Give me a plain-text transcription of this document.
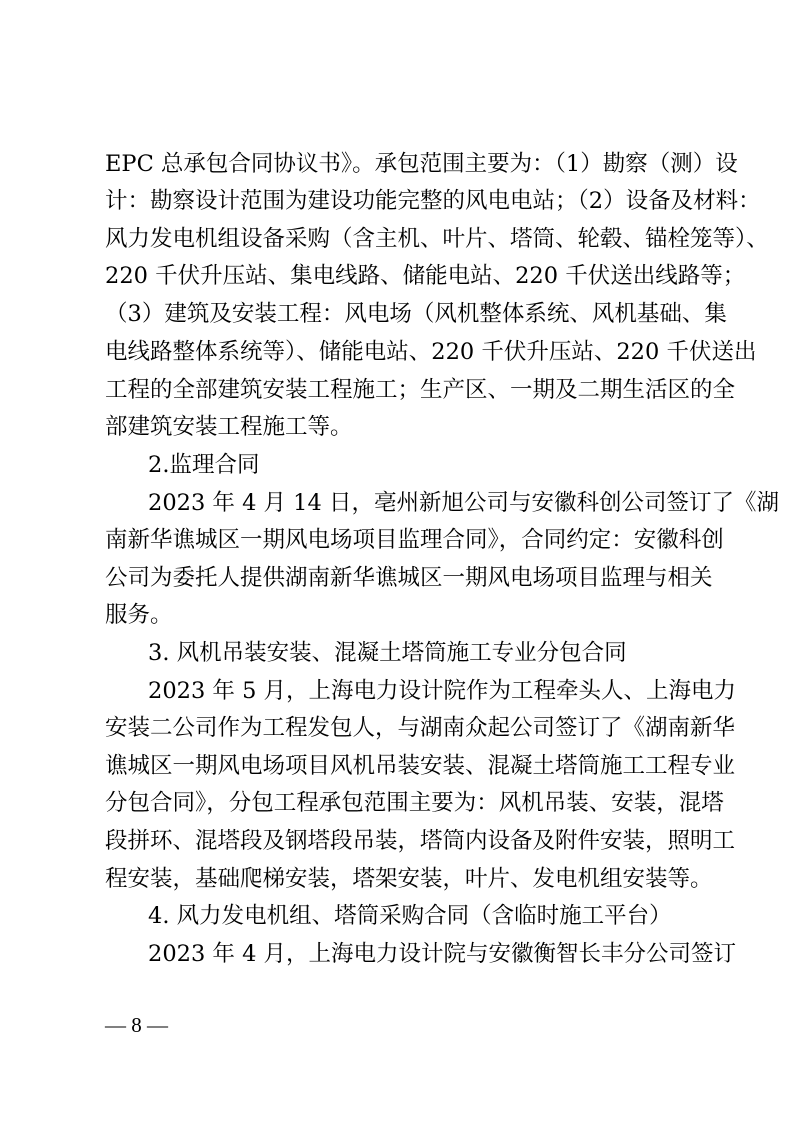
EPC 总承包合同协议书》。承包范围主要为：（1）勘察（测）设
计：勘察设计范围为建设功能完整的风电电站；（2）设备及材料：
风力发电机组设备采购（含主机、叶片、塔筒、轮毂、锚栓笼等）、
220 千伏升压站、集电线路、储能电站、220 千伏送出线路等；
（3）建筑及安装工程：风电场（风机整体系统、风机基础、集
电线路整体系统等）、储能电站、220 千伏升压站、220 千伏送出
工程的全部建筑安装工程施工；生产区、一期及二期生活区的全
部建筑安装工程施工等。
2.监理合同
2023 年 4 月 14 日，亳州新旭公司与安徽科创公司签订了《湖
南新华谯城区一期风电场项目监理合同》，合同约定：安徽科创
公司为委托人提供湖南新华谯城区一期风电场项目监理与相关
服务。
3. 风机吊装安装、混凝土塔筒施工专业分包合同
2023 年 5 月，上海电力设计院作为工程牵头人、上海电力
安装二公司作为工程发包人，与湖南众起公司签订了《湖南新华
谯城区一期风电场项目风机吊装安装、混凝土塔筒施工工程专业
分包合同》，分包工程承包范围主要为：风机吊装、安装，混塔
段拼环、混塔段及钢塔段吊装，塔筒内设备及附件安装，照明工
程安装，基础爬梯安装，塔架安装，叶片、发电机组安装等。
4. 风力发电机组、塔筒采购合同（含临时施工平台）
2023 年 4 月，上海电力设计院与安徽衡智长丰分公司签订
— 8 —
